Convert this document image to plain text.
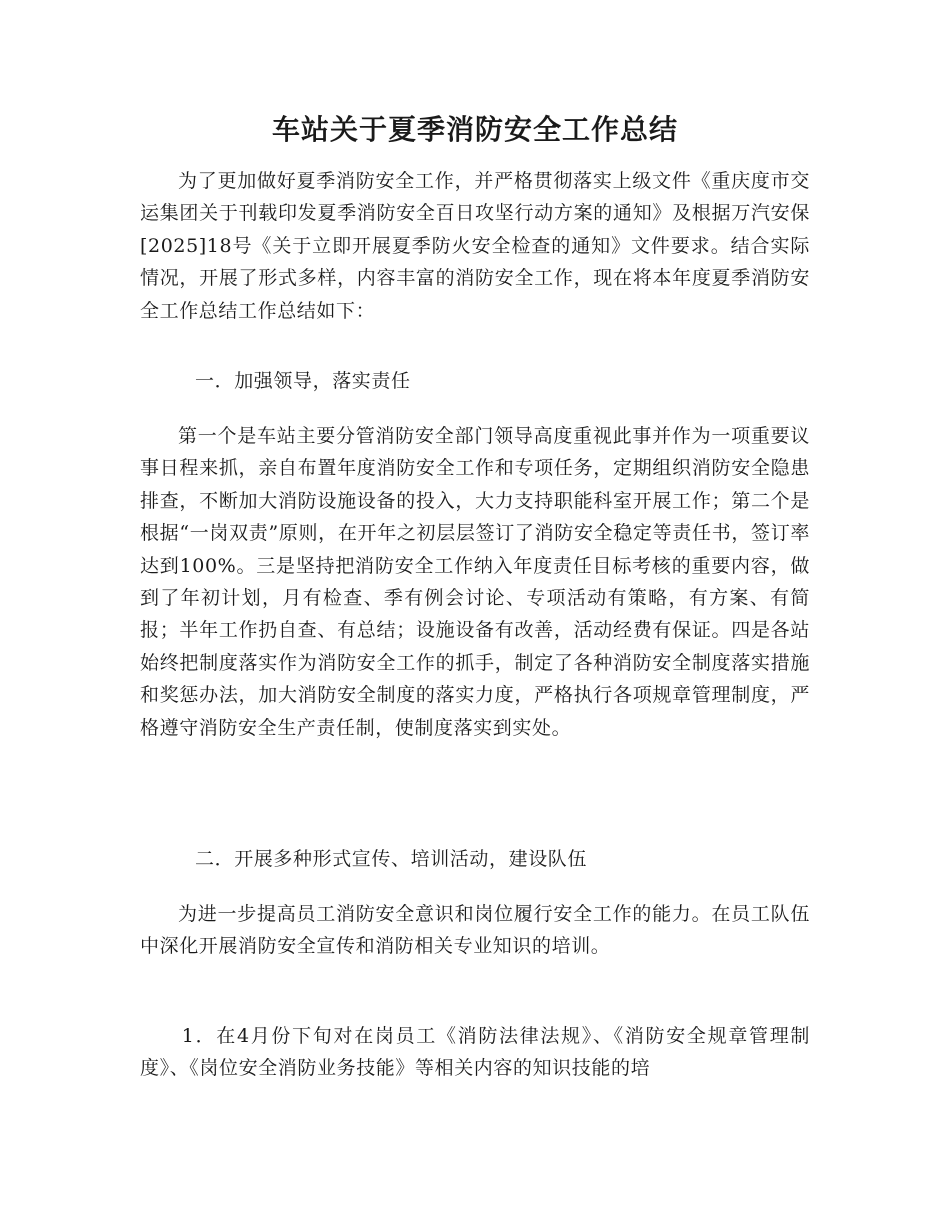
车站关于夏季消防安全工作总结
为了更加做好夏季消防安全工作，并严格贯彻落实上级文件《重庆度市交运集团关于刊载印发夏季消防安全百日攻坚行动方案的通知》及根据万汽安保[2025]18号《关于立即开展夏季防火安全检查的通知》文件要求。结合实际情况，开展了形式多样，内容丰富的消防安全工作，现在将本年度夏季消防安全工作总结工作总结如下：
一．加强领导，落实责任
第一个是车站主要分管消防安全部门领导高度重视此事并作为一项重要议事日程来抓，亲自布置年度消防安全工作和专项任务，定期组织消防安全隐患排查，不断加大消防设施设备的投入，大力支持职能科室开展工作；第二个是根据“一岗双责”原则，在开年之初层层签订了消防安全稳定等责任书，签订率达到100%。三是坚持把消防安全工作纳入年度责任目标考核的重要内容，做到了年初计划，月有检查、季有例会讨论、专项活动有策略，有方案、有简报；半年工作扔自查、有总结；设施设备有改善，活动经费有保证。四是各站始终把制度落实作为消防安全工作的抓手，制定了各种消防安全制度落实措施和奖惩办法，加大消防安全制度的落实力度，严格执行各项规章管理制度，严格遵守消防安全生产责任制，使制度落实到实处。
二．开展多种形式宣传、培训活动，建设队伍
为进一步提高员工消防安全意识和岗位履行安全工作的能力。在员工队伍中深化开展消防安全宣传和消防相关专业知识的培训。
1．在4月份下旬对在岗员工《消防法律法规》、《消防安全规章管理制度》、《岗位安全消防业务技能》等相关内容的知识技能的培
